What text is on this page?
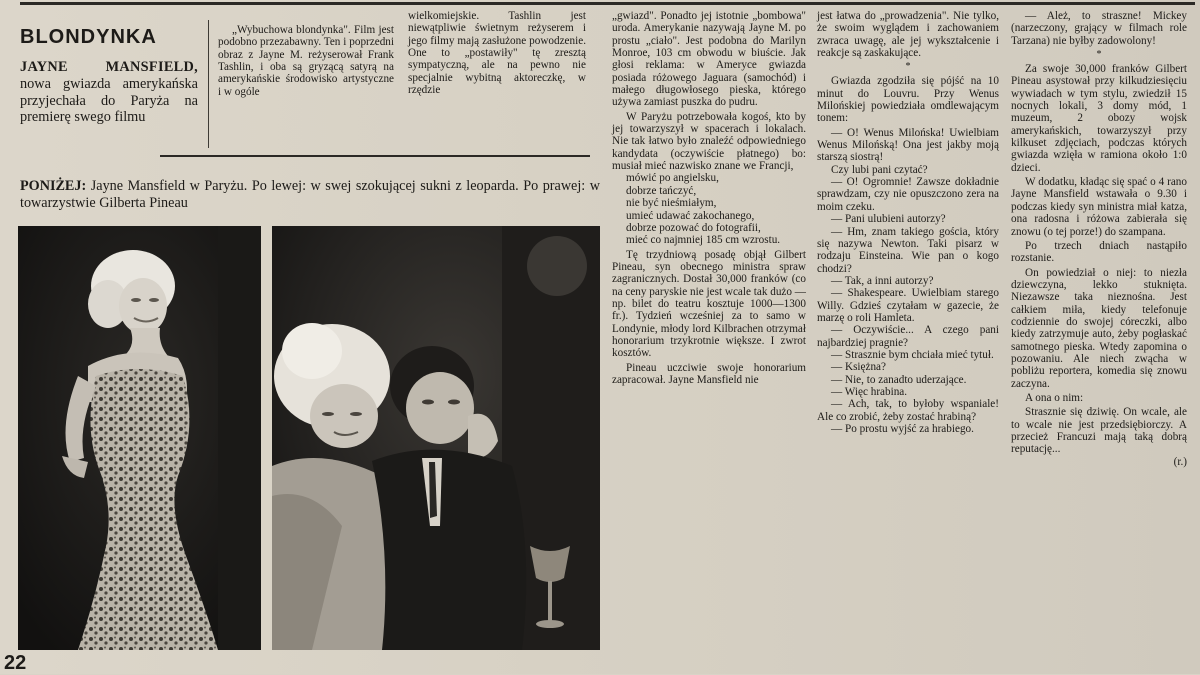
BLONDYNKA
JAYNE MANSFIELD, nowa gwiazda amerykańska przyjechała do Paryża na premierę swego filmu

„Wybuchowa blondynka". Film jest podobno przezabawny. Ten i poprzedni obraz z Jayne M. reżyserował Frank Tashlin, i oba są gryzącą satyrą na amerykańskie środowisko artystyczne i w ogóle

wielkomiejskie. Tashlin jest niewątpliwie świetnym reżyserem i jego filmy mają zasłużone powodzenie. One to „postawiły" tę zresztą sympatyczną, ale na pewno nie specjalnie wybitną aktoreczkę, w rzędzie

PONIŻEJ: Jayne Mansfield w Paryżu. Po lewej: w swej szokującej sukni z leopardа. Po prawej: w towarzystwie Gilberta Pineau

„gwiazd". Ponadto jej istotnie „bombowa" uroda. Amerykanie nazywają Jayne M. po prostu „ciało". Jest podobna do Marilyn Monroe, 103 cm obwodu w biuście. Jak głosi reklama: w Ameryce gwiazda posiada różowego Jaguara (samochód) i małego długowłosego pieska, którego używa zamiast puszka do pudru.

W Paryżu potrzebowała kogoś, kto by jej towarzyszył w spacerach i lokalach. Nie tak łatwo było znaleźć odpowiedniego kandydata (oczywiście płatnego) bo: musiał mieć nazwisko znane we Francji,

mówić po angielsku,

dobrze tańczyć,

nie być nieśmiałym,

umieć udawać zakochanego,

dobrze pozować do fotografii,

mieć co najmniej 185 cm wzrostu.

Tę trzydniową posadę objął Gilbert Pineau, syn obecnego ministra spraw zagranicznych. Dostał 30,000 franków (co na ceny paryskie nie jest wcale tak dużo — np. bilet do teatru kosztuje 1000—1300 fr.). Tydzień wcześniej za to samo w Londynie, młody lord Kilbrachen otrzymał honorarium trzykrotnie większe. I zwrot kosztów.

Pineau uczciwie swoje honorarium zapracował. Jayne Mansfield nie

jest łatwa do „prowadzenia". Nie tylko, że swoim wyglądem i zachowaniem zwraca uwagę, ale jej wykształcenie i reakcje są zaskakujące.

*

Gwiazda zgodziła się pójść na 10 minut do Louvru. Przy Wenus Milońskiej powiedziała omdlewającym tonem:

— O! Wenus Milońska! Uwielbiam Wenus Milońską! Ona jest jakby moją starszą siostrą!

Czy lubi pani czytać?

— O! Ogromnie! Zawsze dokładnie sprawdzam, czy nie opuszczono zera na moim czeku.

— Pani ulubieni autorzy?

— Hm, znam takiego gościa, który się nazywa Newton. Taki pisarz w rodzaju Einsteina. Wie pan o kogo chodzi?

— Tak, a inni autorzy?

— Shakespeare. Uwielbiam starego Willy. Gdzieś czytałam w gazecie, że marzę o roli Hamleta.

— Oczywiście... A czego pani najbardziej pragnie?

— Strasznie bym chciała mieć tytuł.

— Księżna?

— Nie, to zanadto uderzające.

— Więc hrabina.

— Ach, tak, to byłoby wspaniale! Ale co zrobić, żeby zostać hrabiną?

— Po prostu wyjść za hrabiego.

— Ależ, to straszne! Mickey (narzeczony, grający w filmach role Tarzana) nie byłby zadowolony!

*

Za swoje 30,000 franków Gilbert Pineau asystował przy kilkudziesięciu wywiadach w tym stylu, zwiedził 15 nocnych lokali, 3 domy mód, 1 muzeum, 2 obozy wojsk amerykańskich, towarzyszył przy kilkuset zdjęciach, podczas których gwiazda wzięła w ramiona około 1:0 dzieci.

W dodatku, kładąc się spać o 4 rano Jayne Mansfield wstawała o 9.30 i podczas kiedy syn ministra miał katza, ona radosna i różowa zabierała się znowu (o tej porze!) do szampana.

Po trzech dniach nastąpiło rozstanie.

On powiedział o niej: to niezła dziewczyna, lekko stuknięta. Niezawsze taka nieznośna. Jest całkiem miła, kiedy telefonuje codziennie do swojej córeczki, albo kiedy zatrzymuje auto, żeby pogłaskać samotnego pieska. Wtedy zapomina o pozowaniu. Ale niech zwącha w pobliżu reportera, komedia się znowu zaczyna.

A ona o nim:

Strasznie się dziwię. On wcale, ale to wcale nie jest przedsiębiorczy. A przecież Francuzi mają taką dobrą reputację...

(r.)

22
